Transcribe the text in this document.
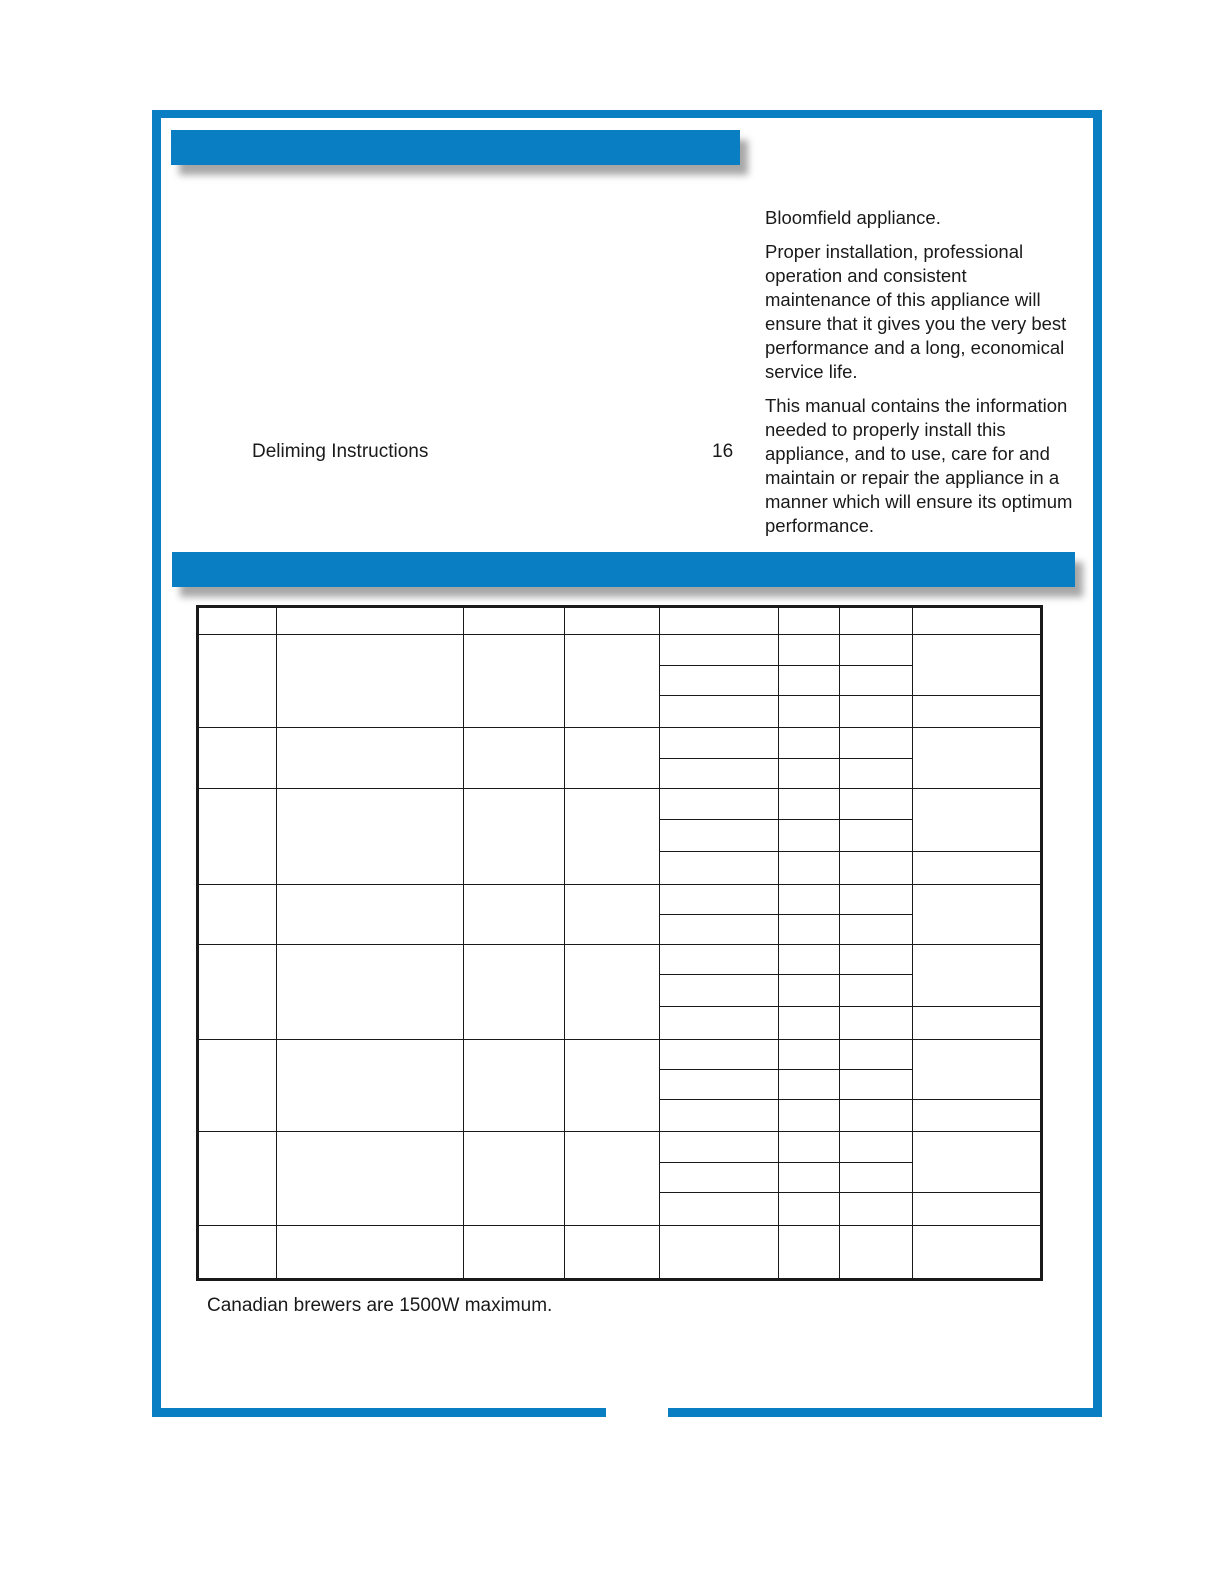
Deliming Instructions	16

Bloomfield appliance.

Proper installation, professional operation and consistent maintenance of this appliance will ensure that it gives you the very best performance and a long, economical service life.

This manual contains the information needed to properly install this appliance, and to use, care for and maintain or repair the appliance in a manner which will ensure its optimum performance.

Canadian brewers are 1500W maximum.
